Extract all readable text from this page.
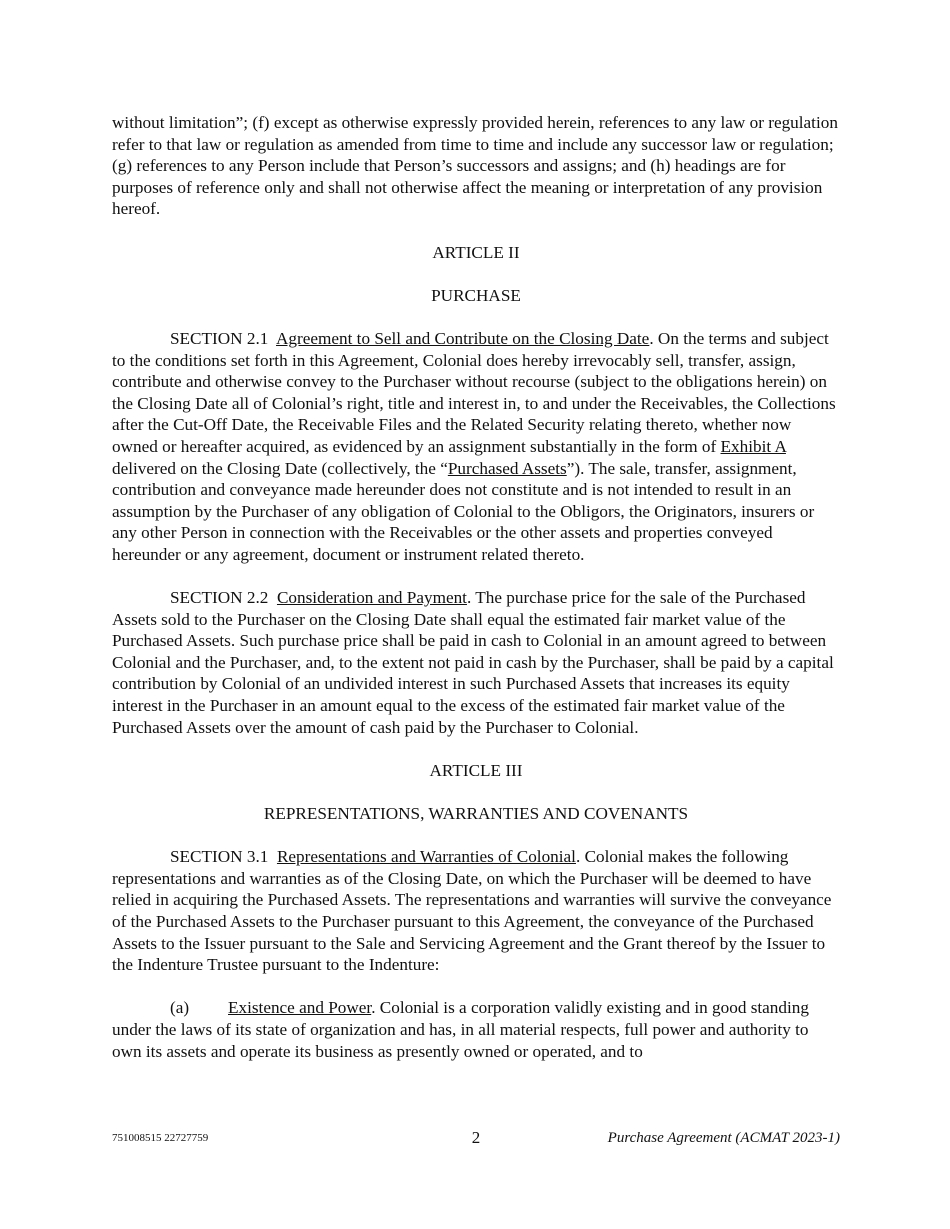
without limitation”; (f) except as otherwise expressly provided herein, references to any law or regulation refer to that law or regulation as amended from time to time and include any successor law or regulation; (g) references to any Person include that Person’s successors and assigns; and (h) headings are for purposes of reference only and shall not otherwise affect the meaning or interpretation of any provision hereof.

ARTICLE II

PURCHASE

SECTION 2.1 Agreement to Sell and Contribute on the Closing Date. On the terms and subject to the conditions set forth in this Agreement, Colonial does hereby irrevocably sell, transfer, assign, contribute and otherwise convey to the Purchaser without recourse (subject to the obligations herein) on the Closing Date all of Colonial’s right, title and interest in, to and under the Receivables, the Collections after the Cut-Off Date, the Receivable Files and the Related Security relating thereto, whether now owned or hereafter acquired, as evidenced by an assignment substantially in the form of Exhibit A delivered on the Closing Date (collectively, the “Purchased Assets”). The sale, transfer, assignment, contribution and conveyance made hereunder does not constitute and is not intended to result in an assumption by the Purchaser of any obligation of Colonial to the Obligors, the Originators, insurers or any other Person in connection with the Receivables or the other assets and properties conveyed hereunder or any agreement, document or instrument related thereto.

SECTION 2.2 Consideration and Payment. The purchase price for the sale of the Purchased Assets sold to the Purchaser on the Closing Date shall equal the estimated fair market value of the Purchased Assets. Such purchase price shall be paid in cash to Colonial in an amount agreed to between Colonial and the Purchaser, and, to the extent not paid in cash by the Purchaser, shall be paid by a capital contribution by Colonial of an undivided interest in such Purchased Assets that increases its equity interest in the Purchaser in an amount equal to the excess of the estimated fair market value of the Purchased Assets over the amount of cash paid by the Purchaser to Colonial.

ARTICLE III

REPRESENTATIONS, WARRANTIES AND COVENANTS

SECTION 3.1 Representations and Warranties of Colonial. Colonial makes the following representations and warranties as of the Closing Date, on which the Purchaser will be deemed to have relied in acquiring the Purchased Assets. The representations and warranties will survive the conveyance of the Purchased Assets to the Purchaser pursuant to this Agreement, the conveyance of the Purchased Assets to the Issuer pursuant to the Sale and Servicing Agreement and the Grant thereof by the Issuer to the Indenture Trustee pursuant to the Indenture:

(a) Existence and Power. Colonial is a corporation validly existing and in good standing under the laws of its state of organization and has, in all material respects, full power and authority to own its assets and operate its business as presently owned or operated, and to

751008515 22727759	2	Purchase Agreement (ACMAT 2023-1)
